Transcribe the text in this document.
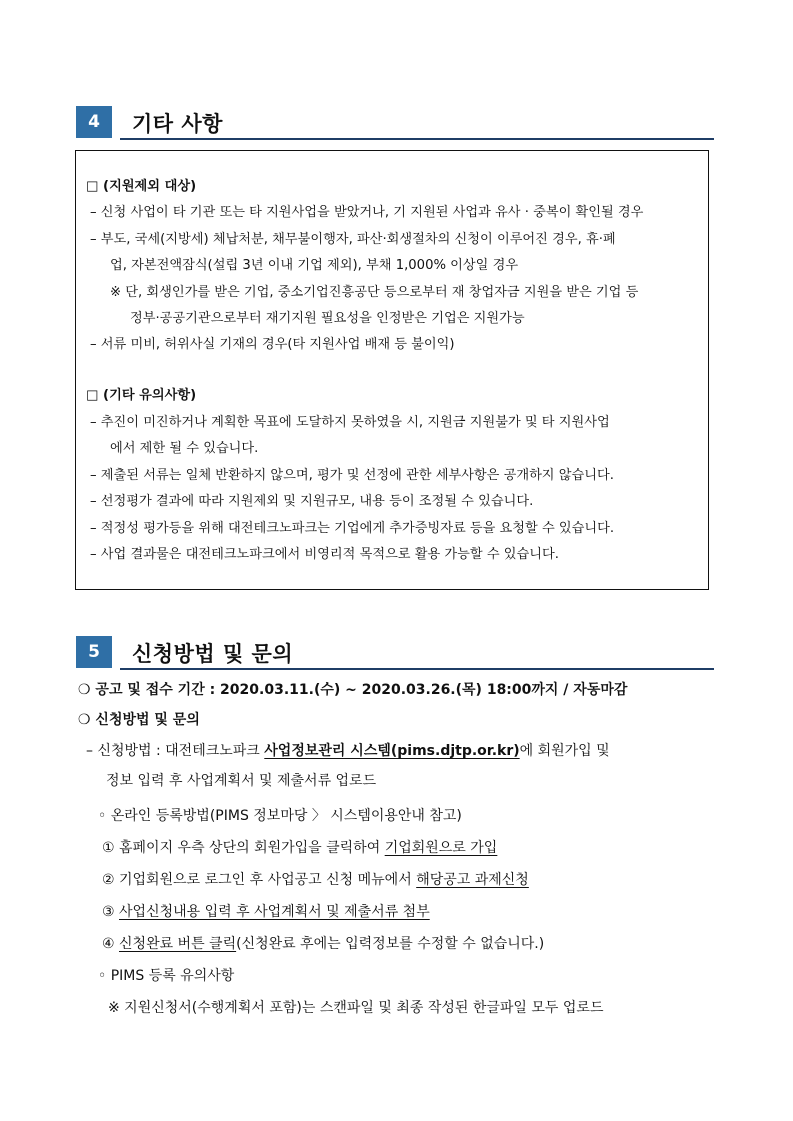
4	기타 사항
□ (지원제외 대상)
– 신청 사업이 타 기관 또는 타 지원사업을 받았거나, 기 지원된 사업과 유사 · 중복이 확인될 경우
– 부도, 국세(지방세) 체납처분, 채무불이행자, 파산·회생절차의 신청이 이루어진 경우, 휴·폐
업, 자본전액잠식(설립 3년 이내 기업 제외), 부채 1,000% 이상일 경우
※ 단, 회생인가를 받은 기업, 중소기업진흥공단 등으로부터 재 창업자금 지원을 받은 기업 등
정부·공공기관으로부터 재기지원 필요성을 인정받은 기업은 지원가능
– 서류 미비, 허위사실 기재의 경우(타 지원사업 배재 등 불이익)
□ (기타 유의사항)
– 추진이 미진하거나 계획한 목표에 도달하지 못하였을 시, 지원금 지원불가 및 타 지원사업
에서 제한 될 수 있습니다.
– 제출된 서류는 일체 반환하지 않으며, 평가 및 선정에 관한 세부사항은 공개하지 않습니다.
– 선정평가 결과에 따라 지원제외 및 지원규모, 내용 등이 조정될 수 있습니다.
– 적정성 평가등을 위해 대전테크노파크는 기업에게 추가증빙자료 등을 요청할 수 있습니다.
– 사업 결과물은 대전테크노파크에서 비영리적 목적으로 활용 가능할 수 있습니다.
5	신청방법 및 문의
❍ 공고 및 접수 기간 : 2020.03.11.(수) ~ 2020.03.26.(목) 18:00까지 / 자동마감
❍ 신청방법 및 문의
– 신청방법 : 대전테크노파크 사업정보관리 시스템(pims.djtp.or.kr)에 회원가입 및
정보 입력 후 사업계획서 및 제출서류 업로드
◦ 온라인 등록방법(PIMS 정보마당 〉 시스템이용안내 참고)
① 홈페이지 우측 상단의 회원가입을 클릭하여 기업회원으로 가입
② 기업회원으로 로그인 후 사업공고 신청 메뉴에서 해당공고 과제신청
③ 사업신청내용 입력 후 사업계획서 및 제출서류 첨부
④ 신청완료 버튼 클릭(신청완료 후에는 입력정보를 수정할 수 없습니다.)
◦ PIMS 등록 유의사항
※ 지원신청서(수행계획서 포함)는 스캔파일 및 최종 작성된 한글파일 모두 업로드
